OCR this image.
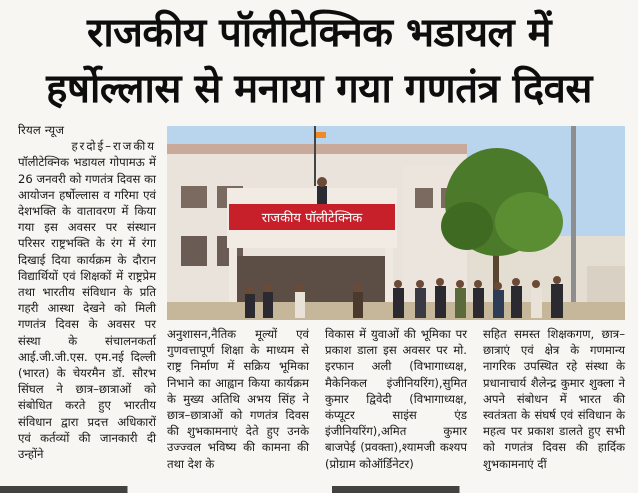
राजकीय पॉलीटेक्निक भडायल में
हर्षोल्लास से मनाया गया गणतंत्र दिवस

रियल न्यूज

हरदोई–राजकीय

पॉलीटेक्निक भडायल गोपामऊ में 26 जनवरी को गणतंत्र दिवस का आयोजन हर्षोल्लास व गरिमा एवं देशभक्ति के वातावरण में किया गया इस अवसर पर संस्थान परिसर राष्ट्रभक्ति के रंग में रंगा दिखाई दिया कार्यक्रम के दौरान विद्यार्थियों एवं शिक्षकों में राष्ट्रप्रेम तथा भारतीय संविधान के प्रति गहरी आस्था देखने को मिली गणतंत्र दिवस के अवसर पर संस्था के संचालनकर्ता आई.जी.जी.एस. एम.नई दिल्ली (भारत) के चेयरमैन डॉ. सौरभ सिंघल ने छात्र–छात्राओं को संबोधित करते हुए भारतीय संविधान द्वारा प्रदत्त अधिकारों एवं कर्तव्यों की जानकारी दी उन्होंने

राजकीय पॉलीटेक्निक
अनुशासन,नैतिक मूल्यों एवं गुणवत्तापूर्ण शिक्षा के माध्यम से राष्ट्र निर्माण में सक्रिय भूमिका निभाने का आह्वान किया कार्यक्रम के मुख्य अतिथि अभय सिंह ने छात्र–छात्राओं को गणतंत्र दिवस की शुभकामनाएं देते हुए उनके उज्ज्वल भविष्य की कामना की तथा देश के
विकास में युवाओं की भूमिका पर प्रकाश डाला इस अवसर पर मो. इरफान अली (विभागाध्यक्ष, मैकेनिकल इंजीनियरिंग),सुमित कुमार द्विवेदी (विभागाध्यक्ष, कंप्यूटर साइंस एंड इंजीनियरिंग),अमित कुमार बाजपेई (प्रवक्ता),श्यामजी कश्यप (प्रोग्राम कोऑर्डिनेटर)
सहित समस्त शिक्षकगण, छात्र–छात्राएं एवं क्षेत्र के गणमान्य नागरिक उपस्थित रहे संस्था के प्रधानाचार्य शैलेन्द्र कुमार शुक्ला ने अपने संबोधन में भारत की स्वतंत्रता के संघर्ष एवं संविधान के महत्व पर प्रकाश डालते हुए सभी को गणतंत्र दिवस की हार्दिक शुभकामनाएं दीं
